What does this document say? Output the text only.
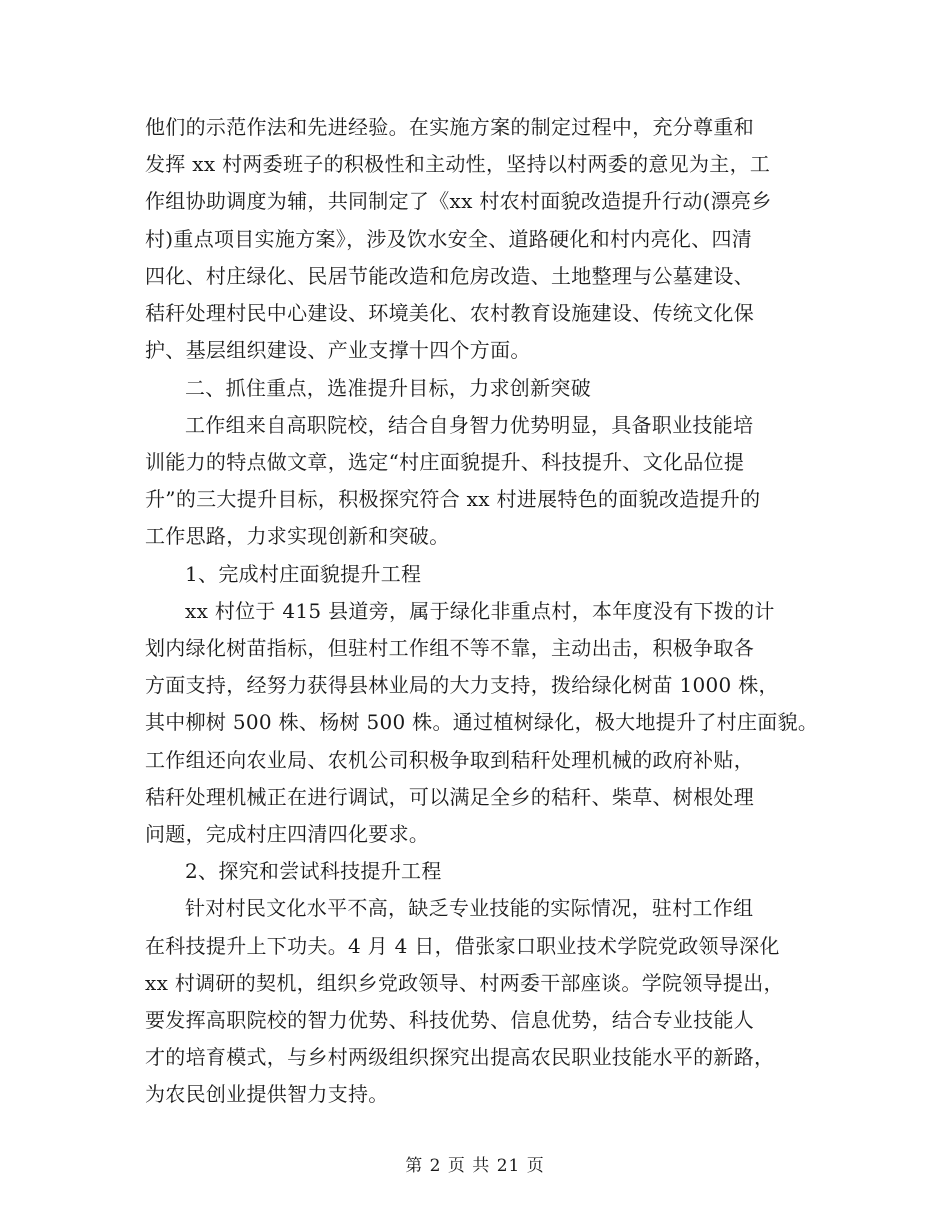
他们的示范作法和先进经验。在实施方案的制定过程中，充分尊重和
发挥 xx 村两委班子的积极性和主动性，坚持以村两委的意见为主，工
作组协助调度为辅，共同制定了《xx 村农村面貌改造提升行动(漂亮乡
村)重点项目实施方案》，涉及饮水安全、道路硬化和村内亮化、四清
四化、村庄绿化、民居节能改造和危房改造、土地整理与公墓建设、
秸秆处理村民中心建设、环境美化、农村教育设施建设、传统文化保
护、基层组织建设、产业支撑十四个方面。
二、抓住重点，选准提升目标，力求创新突破
工作组来自高职院校，结合自身智力优势明显，具备职业技能培
训能力的特点做文章，选定“村庄面貌提升、科技提升、文化品位提
升”的三大提升目标，积极探究符合 xx 村进展特色的面貌改造提升的
工作思路，力求实现创新和突破。
1、完成村庄面貌提升工程
xx 村位于 415 县道旁，属于绿化非重点村，本年度没有下拨的计
划内绿化树苗指标，但驻村工作组不等不靠，主动出击，积极争取各
方面支持，经努力获得县林业局的大力支持，拨给绿化树苗 1000 株，
其中柳树 500 株、杨树 500 株。通过植树绿化，极大地提升了村庄面貌。
工作组还向农业局、农机公司积极争取到秸秆处理机械的政府补贴，
秸秆处理机械正在进行调试，可以满足全乡的秸秆、柴草、树根处理
问题，完成村庄四清四化要求。
2、探究和尝试科技提升工程
针对村民文化水平不高，缺乏专业技能的实际情况，驻村工作组
在科技提升上下功夫。4 月 4 日，借张家口职业技术学院党政领导深化
xx 村调研的契机，组织乡党政领导、村两委干部座谈。学院领导提出，
要发挥高职院校的智力优势、科技优势、信息优势，结合专业技能人
才的培育模式，与乡村两级组织探究出提高农民职业技能水平的新路，
为农民创业提供智力支持。
第 2 页 共 21 页
